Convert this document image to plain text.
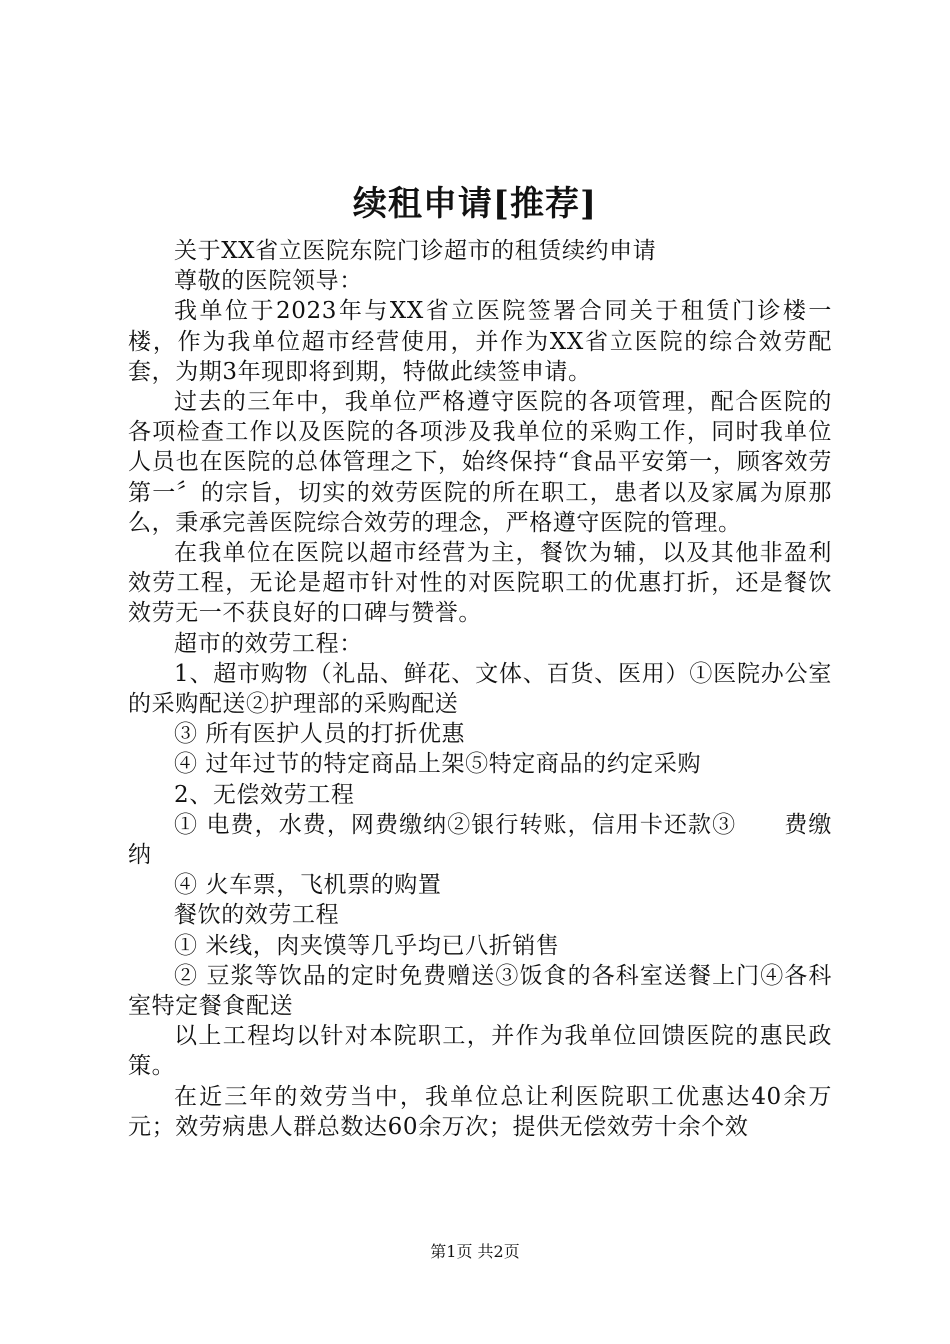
续租申请[推荐]

关于XX省立医院东院门诊超市的租赁续约申请

尊敬的医院领导：

我单位于2023年与XX省立医院签署合同关于租赁门诊楼一楼，作为我单位超市经营使用，并作为XX省立医院的综合效劳配套，为期3年现即将到期，特做此续签申请。

过去的三年中，我单位严格遵守医院的各项管理，配合医院的各项检查工作以及医院的各项涉及我单位的采购工作，同时我单位人员也在医院的总体管理之下，始终保持“食品平安第一，顾客效劳第一〞的宗旨，切实的效劳医院的所在职工，患者以及家属为原那么，秉承完善医院综合效劳的理念，严格遵守医院的管理。

在我单位在医院以超市经营为主，餐饮为辅，以及其他非盈利效劳工程，无论是超市针对性的对医院职工的优惠打折，还是餐饮效劳无一不获良好的口碑与赞誉。

超市的效劳工程：

1、超市购物（礼品、鲜花、文体、百货、医用）①医院办公室的采购配送②护理部的采购配送

③ 所有医护人员的打折优惠

④ 过年过节的特定商品上架⑤特定商品的约定采购

2、无偿效劳工程

① 电费，水费，网费缴纳②银行转账，信用卡还款③　　费缴纳

④ 火车票，飞机票的购置

餐饮的效劳工程

① 米线，肉夹馍等几乎均已八折销售

② 豆浆等饮品的定时免费赠送③饭食的各科室送餐上门④各科室特定餐食配送

以上工程均以针对本院职工，并作为我单位回馈医院的惠民政策。

在近三年的效劳当中，我单位总让利医院职工优惠达40余万元；效劳病患人群总数达60余万次；提供无偿效劳十余个效

第1页 共2页
